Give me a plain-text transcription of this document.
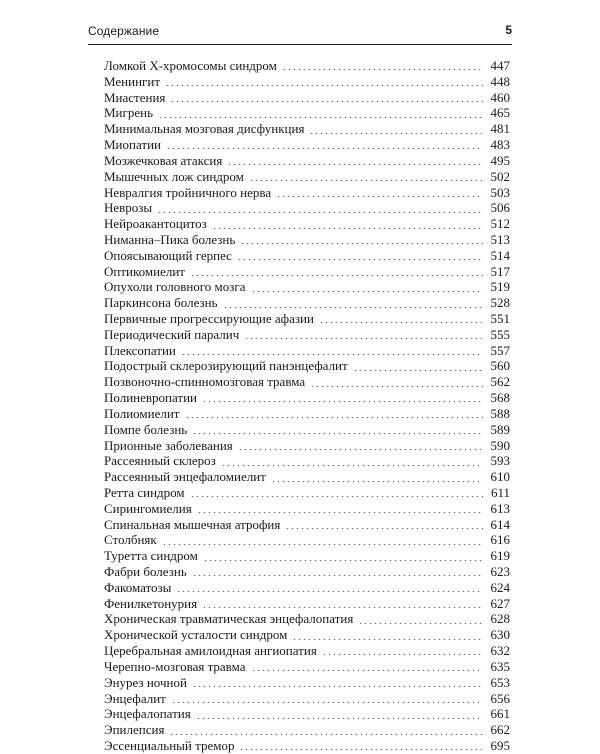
Содержание	5
Ломкой Х-хромосомы синдром	447
Менингит	448
Миастения	460
Мигрень	465
Минимальная мозговая дисфункция	481
Миопатии	483
Мозжечковая атаксия	495
Мышечных лож синдром	502
Невралгия тройничного нерва	503
Неврозы	506
Нейроакантоцитоз	512
Ниманна–Пика болезнь	513
Опоясывающий герпес	514
Оптикомиелит	517
Опухоли головного мозга	519
Паркинсона болезнь	528
Первичные прогрессирующие афазии	551
Периодический паралич	555
Плексопатии	557
Подострый склерозирующий панэнцефалит	560
Позвоночно-спинномозговая травма	562
Полиневропатии	568
Полиомиелит	588
Помпе болезнь	589
Прионные заболевания	590
Рассеянный склероз	593
Рассеянный энцефаломиелит	610
Ретта синдром	611
Сирингомиелия	613
Спинальная мышечная атрофия	614
Столбняк	616
Туретта синдром	619
Фабри болезнь	623
Факоматозы	624
Фенилкетонурия	627
Хроническая травматическая энцефалопатия	628
Хронической усталости синдром	630
Церебральная амилоидная ангиопатия	632
Черепно-мозговая травма	635
Энурез ночной	653
Энцефалит	656
Энцефалопатия	661
Эпилепсия	662
Эссенциальный тремор	695
